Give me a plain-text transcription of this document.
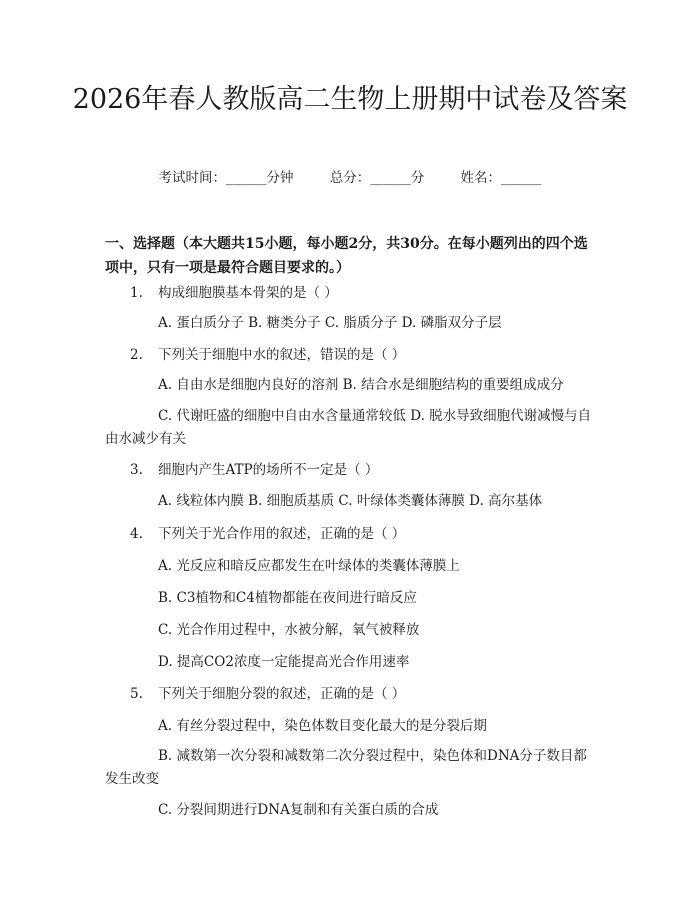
2026年春人教版高二生物上册期中试卷及答案
考试时间：______分钟	总分：______分	姓名：______

一、选择题（本大题共15小题，每小题2分，共30分。在每小题列出的四个选项中，只有一项是最符合题目要求的。）

1. 构成细胞膜基本骨架的是（ ）
A. 蛋白质分子 B. 糖类分子 C. 脂质分子 D. 磷脂双分子层
2. 下列关于细胞中水的叙述，错误的是（ ）
A. 自由水是细胞内良好的溶剂 B. 结合水是细胞结构的重要组成成分
C. 代谢旺盛的细胞中自由水含量通常较低 D. 脱水导致细胞代谢减慢与自由水减少有关
3. 细胞内产生ATP的场所不一定是（ ）
A. 线粒体内膜 B. 细胞质基质 C. 叶绿体类囊体薄膜 D. 高尔基体
4. 下列关于光合作用的叙述，正确的是（ ）
A. 光反应和暗反应都发生在叶绿体的类囊体薄膜上
B. C3植物和C4植物都能在夜间进行暗反应
C. 光合作用过程中，水被分解，氧气被释放
D. 提高CO2浓度一定能提高光合作用速率
5. 下列关于细胞分裂的叙述，正确的是（ ）
A. 有丝分裂过程中，染色体数目变化最大的是分裂后期
B. 减数第一次分裂和减数第二次分裂过程中，染色体和DNA分子数目都发生改变
C. 分裂间期进行DNA复制和有关蛋白质的合成
